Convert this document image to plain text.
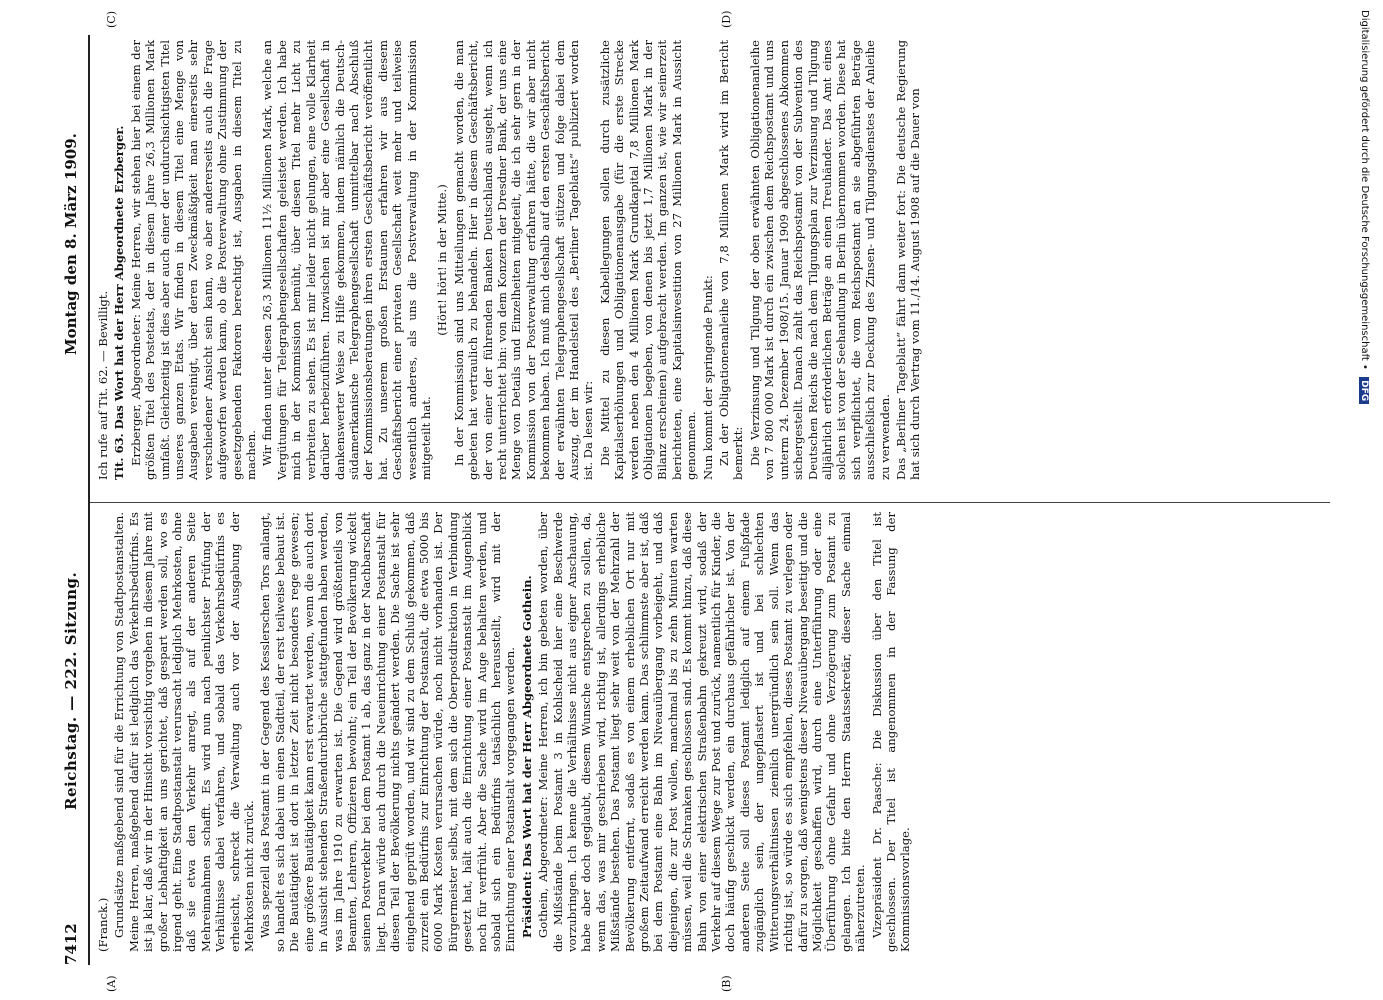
7412
Reichstag. — 222. Sitzung.
Montag den 8. März 1909.
(A)	(B)
(C)	(D)

(Franck.) Grundsätze maßgebend sind für die Errichtung von Stadtpostanstalten. Meine Herren, maßgebend dafür ist lediglich das Verkehrsbedürfnis. Es ist ja klar, daß wir in der Hinsicht vorsichtig vorgehen in diesem Jahre mit großer Lebhaftigkeit an uns gerichtet, daß gespart werden soll, wo es irgend geht. Eine Stadtpostanstalt verursacht lediglich Mehrkosten, ohne daß sie etwa den Verkehr anregt, als auf der anderen Seite Mehreinnahmen schafft. Es wird nun nach peinlichster Prüfung der Verhältnisse dabei verfahren, und sobald das Verkehrsbedürfnis es erheischt, schreckt die Verwaltung auch vor der Ausgabung der Mehrkosten nicht zurück. Was speziell das Postamt in der Gegend des Kesslerschen Tors anlangt, so handelt es sich dabei um einen Stadtteil, der erst teilweise bebaut ist. Die Bautätigkeit ist dort in letzter Zeit nicht besonders rege gewesen; eine größere Bautätigkeit kann erst erwartet werden, wenn die auch dort in Aussicht stehenden Straßendurchbrüche stattgefunden haben werden, was im Jahre 1910 zu erwarten ist. Die Gegend wird größtenteils von Beamten, Lehrern, Offizieren bewohnt; ein Teil der Bevölkerung wickelt seinen Postverkehr bei dem Postamt 1 ab, das ganz in der Nachbarschaft liegt. Daran würde auch durch die Neueinrichtung einer Postanstalt für diesen Teil der Bevölkerung nichts geändert werden. Die Sache ist sehr eingehend geprüft worden, und wir sind zu dem Schluß gekommen, daß zurzeit ein Bedürfnis zur Einrichtung der Postanstalt, die etwa 5000 bis 6000 Mark Kosten verursachen würde, noch nicht vorhanden ist. Der Bürgermeister selbst, mit dem sich die Oberpostdirektion in Verbindung gesetzt hat, hält auch die Einrichtung einer Postanstalt im Augenblick noch für verfrüht. Aber die Sache wird im Auge behalten werden, und sobald sich ein Bedürfnis tatsächlich herausstellt, wird mit der Einrichtung einer Postanstalt vorgegangen werden. Präsident: Das Wort hat der Herr Abgeordnete Gothein. Gothein, Abgeordneter: Meine Herren, ich bin gebeten worden, über die Mißstände beim Postamt 3 in Kohlscheid hier eine Beschwerde vorzubringen. Ich kenne die Verhältnisse nicht aus eigner Anschauung, habe aber doch geglaubt, diesem Wunsche entsprechen zu sollen, da, wenn das, was mir geschrieben wird, richtig ist, allerdings erhebliche Mißstände bestehen. Das Postamt liegt sehr weit von der Mehrzahl der Bevölkerung entfernt, sodaß es von einem erheblichen Ort nur mit großem Zeitaufwand erreicht werden kann. Das schlimmste aber ist, daß bei dem Postamt eine Bahn im Niveauübergang vorbeigeht, und daß diejenigen, die zur Post wollen, manchmal bis zu zehn Minuten warten müssen, weil die Schranken geschlossen sind. Es kommt hinzu, daß diese Bahn von einer elektrischen Straßenbahn gekreuzt wird, sodaß der Verkehr auf diesem Wege zur Post und zurück, namentlich für Kinder, die doch häufig geschickt werden, ein durchaus gefährlicher ist. Von der anderen Seite soll dieses Postamt lediglich auf einem Fußpfade zugänglich sein, der ungepflastert ist und bei schlechten Witterungsverhältnissen ziemlich unergründlich sein soll. Wenn das richtig ist, so würde es sich empfehlen, dieses Postamt zu verlegen oder dafür zu sorgen, daß wenigstens dieser Niveauübergang beseitigt und die Möglichkeit geschaffen wird, durch eine Unterführung oder eine Überführung ohne Gefahr und ohne Verzögerung zum Postamt zu gelangen. Ich bitte den Herrn Staatssekretär, dieser Sache einmal näherzutreten. Vizepräsident Dr. Paasche: Die Diskussion über den Titel ist geschlossen. Der Titel ist angenommen in der Fassung der Kommissionsvorlage.

Ich rufe auf Tit. 62. — Bewilligt. Tit. 63. Das Wort hat der Herr Abgeordnete Erzberger. Erzberger, Abgeordneter: Meine Herren, wir stehen hier bei einem der größten Titel des Postetats, der in diesem Jahre 26,3 Millionen Mark umfaßt. Gleichzeitig ist dies aber auch einer der undurchsichtigsten Titel unseres ganzen Etats. Wir finden in diesem Titel eine Menge von Ausgaben vereinigt, über deren Zweckmäßigkeit man einerseits sehr verschiedener Ansicht sein kann, wo aber andererseits auch die Frage aufgeworfen werden kann, ob die Postverwaltung ohne Zustimmung der gesetzgebenden Faktoren berechtigt ist, Ausgaben in diesem Titel zu machen. Wir finden unter diesen 26,3 Millionen 11½ Millionen Mark, welche an Vergütungen für Telegraphengesellschaften geleistet werden. Ich habe mich in der Kommission bemüht, über diesen Titel mehr Licht zu verbreiten zu sehen. Es ist mir leider nicht gelungen, eine volle Klarheit darüber herbeizuführen. Inzwischen ist mir aber eine Gesellschaft in dankenswerter Weise zu Hilfe gekommen, indem nämlich die Deutsch-südamerikanische Telegraphengesellschaft unmittelbar nach Abschluß der Kommissionsberatungen ihren ersten Geschäftsbericht veröffentlicht hat. Zu unserem großen Erstaunen erfahren wir aus diesem Geschäftsbericht einer privaten Gesellschaft weit mehr und teilweise wesentlich anderes, als uns die Postverwaltung in der Kommission mitgeteilt hat.

(Hört! hört! in der Mitte.) In der Kommission sind uns Mitteilungen gemacht worden, die man gebeten hat vertraulich zu behandeln. Hier in diesem Geschäftsbericht, der von einer der führenden Banken Deutschlands ausgeht, wenn ich recht unterrichtet bin: von dem Konzern der Dresdner Bank, der uns eine Menge von Details und Einzelheiten mitgeteilt, die ich sehr gern in der Kommission von der Postverwaltung erfahren hätte, die wir aber nicht bekommen haben. Ich muß mich deshalb auf den ersten Geschäftsbericht der erwähnten Telegraphengesellschaft stützen und folge dabei dem Auszug, der im Handelsteil des „Berliner Tageblatts“ publiziert worden ist. Da lesen wir: Die Mittel zu diesen Kabellegungen sollen durch zusätzliche Kapitalserhöhungen und Obligationenausgabe (für die erste Strecke werden neben den 4 Millionen Mark Grundkapital 7,8 Millionen Mark Obligationen begeben, von denen bis jetzt 1,7 Millionen Mark in der Bilanz erscheinen) aufgebracht werden. Im ganzen ist, wie wir seinerzeit berichteten, eine Kapitalsinvestition von 27 Millionen Mark in Aussicht genommen. Nun kommt der springende Punkt: Zu der Obligationenanleihe von 7,8 Millionen Mark wird im Bericht bemerkt: Die Verzinsung und Tilgung der oben erwähnten Obligationenanleihe von 7 800 000 Mark ist durch ein zwischen dem Reichspostamt und uns unterm 24. Dezember 1908/15. Januar 1909 abgeschlossenes Abkommen sichergestellt. Danach zahlt das Reichspostamt von der Subvention des Deutschen Reichs die nach dem Tilgungsplan zur Verzinsung und Tilgung alljährlich erforderlichen Beträge an einen Treuhänder. Das Amt eines solchen ist von der Seehandlung in Berlin übernommen worden. Diese hat sich verpflichtet, die vom Reichspostamt an sie abgeführten Beträge ausschließlich zur Deckung des Zinsen- und Tilgungsdienstes der Anleihe zu verwenden. Das „Berliner Tageblatt“ fährt dann weiter fort: Die deutsche Regierung hat sich durch Vertrag vom 11./14. August 1908 auf die Dauer von	Digitalisierung gefördert durch die Deutsche Forschungsgemeinschaft • DFG
